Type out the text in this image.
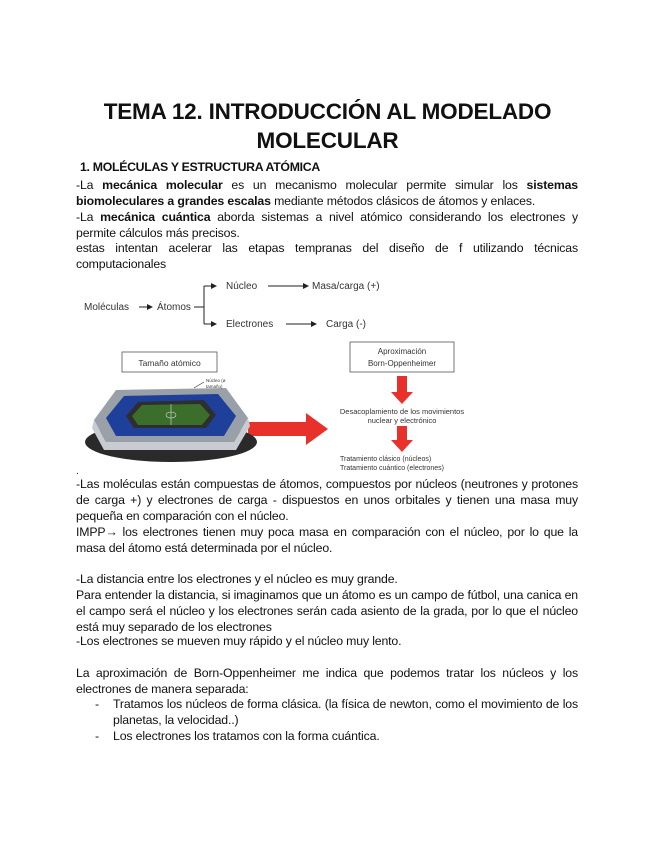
TEMA 12. INTRODUCCIÓN AL MODELADO
MOLECULAR
1. MOLÉCULAS Y ESTRUCTURA ATÓMICA
-La mecánica molecular es un mecanismo molecular permite simular los sistemas biomoleculares a grandes escalas mediante métodos clásicos de átomos y enlaces.
-La mecánica cuántica aborda sistemas a nivel atómico considerando los electrones y permite cálculos más precisos.
estas intentan acelerar las etapas tempranas del diseño de f utilizando técnicas computacionales
Moléculas	Átomos
Núcleo	Masa/carga (+)
Electrones	Carga (-)
Tamaño atómico
Aproximación
Born-Oppenheimer
Desacoplamiento de los movimientos
nuclear y electrónico
Tratamiento clásico (núcleos)
Tratamiento cuántico (electrones)
Núcleo (ø
tamaño)
.
-Las moléculas están compuestas de átomos, compuestos por núcleos (neutrones y protones de carga +) y electrones de carga - dispuestos en unos orbitales y tienen una masa muy pequeña en comparación con el núcleo.
IMPP→ los electrones tienen muy poca masa en comparación con el núcleo, por lo que la masa del átomo está determinada por el núcleo.
-La distancia entre los electrones y el núcleo es muy grande.
Para entender la distancia, si imaginamos que un átomo es un campo de fútbol, una canica en el campo será el núcleo y los electrones serán cada asiento de la grada, por lo que el núcleo está muy separado de los electrones
-Los electrones se mueven muy rápido y el núcleo muy lento.
La aproximación de Born-Oppenheimer me indica que podemos tratar los núcleos y los electrones de manera separada:
- Tratamos los núcleos de forma clásica. (la física de newton, como el movimiento de los planetas, la velocidad..)
- Los electrones los tratamos con la forma cuántica.
